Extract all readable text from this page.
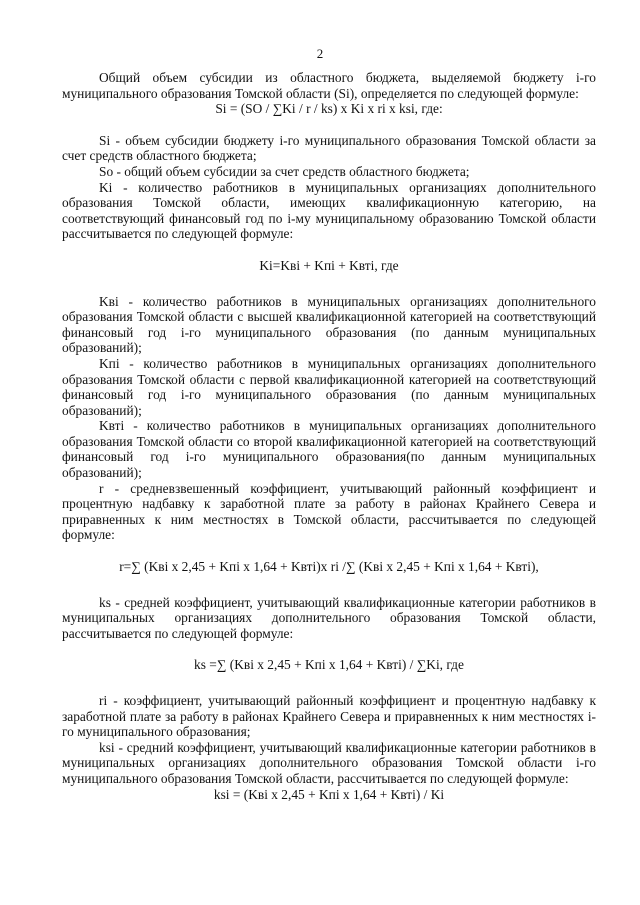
2

Общий объем субсидии из областного бюджета, выделяемой бюджету i-го муниципального образования Томской области (Si), определяется по следующей формуле:

Si = (SO / ∑Ki / r / ks) x Ki x ri x ksi, где:

Si - объем субсидии бюджету i-го муниципального образования Томской области за счет средств областного бюджета;

So - общий объем субсидии за счет средств областного бюджета;

Ki - количество работников в муниципальных организациях дополнительного образования Томской области, имеющих квалификационную категорию, на соответствующий финансовый год по i-му муниципальному образованию Томской области рассчитывается по следующей формуле:

Ki=Kвi + Kпi + Kвтi, где

Kвi - количество работников в муниципальных организациях дополнительного образования Томской области с высшей квалификационной категорией на соответствующий финансовый год i-го муниципального образования (по данным муниципальных образований);

Kпi - количество работников в муниципальных организациях дополнительного образования Томской области с первой квалификационной категорией на соответствующий финансовый год i-го муниципального образования (по данным муниципальных образований);

Kвтi - количество работников в муниципальных организациях дополнительного образования Томской области со второй квалификационной категорией на соответствующий финансовый год i-го муниципального образования(по данным муниципальных образований);

r - средневзвешенный коэффициент, учитывающий районный коэффициент и процентную надбавку к заработной плате за работу в районах Крайнего Севера и приравненных к ним местностях в Томской области, рассчитывается по следующей формуле:

r=∑ (Kвi x 2,45 + Kпi x 1,64 + Kвтi)x ri /∑ (Kвi x 2,45 + Kпi x 1,64 + Kвтi),

ks - средней коэффициент, учитывающий квалификационные категории работников в муниципальных организациях дополнительного образования Томской области, рассчитывается по следующей формуле:

ks =∑ (Kвi x 2,45 + Kпi x 1,64 + Kвтi) / ∑Ki, где

ri - коэффициент, учитывающий районный коэффициент и процентную надбавку к заработной плате за работу в районах Крайнего Севера и приравненных к ним местностях i-го муниципального образования;

ksi - средний коэффициент, учитывающий квалификационные категории работников в муниципальных организациях дополнительного образования Томской области i-го муниципального образования Томской области, рассчитывается по следующей формуле:

ksi = (Kвi x 2,45 + Kпi x 1,64 + Kвтi) / Ki
